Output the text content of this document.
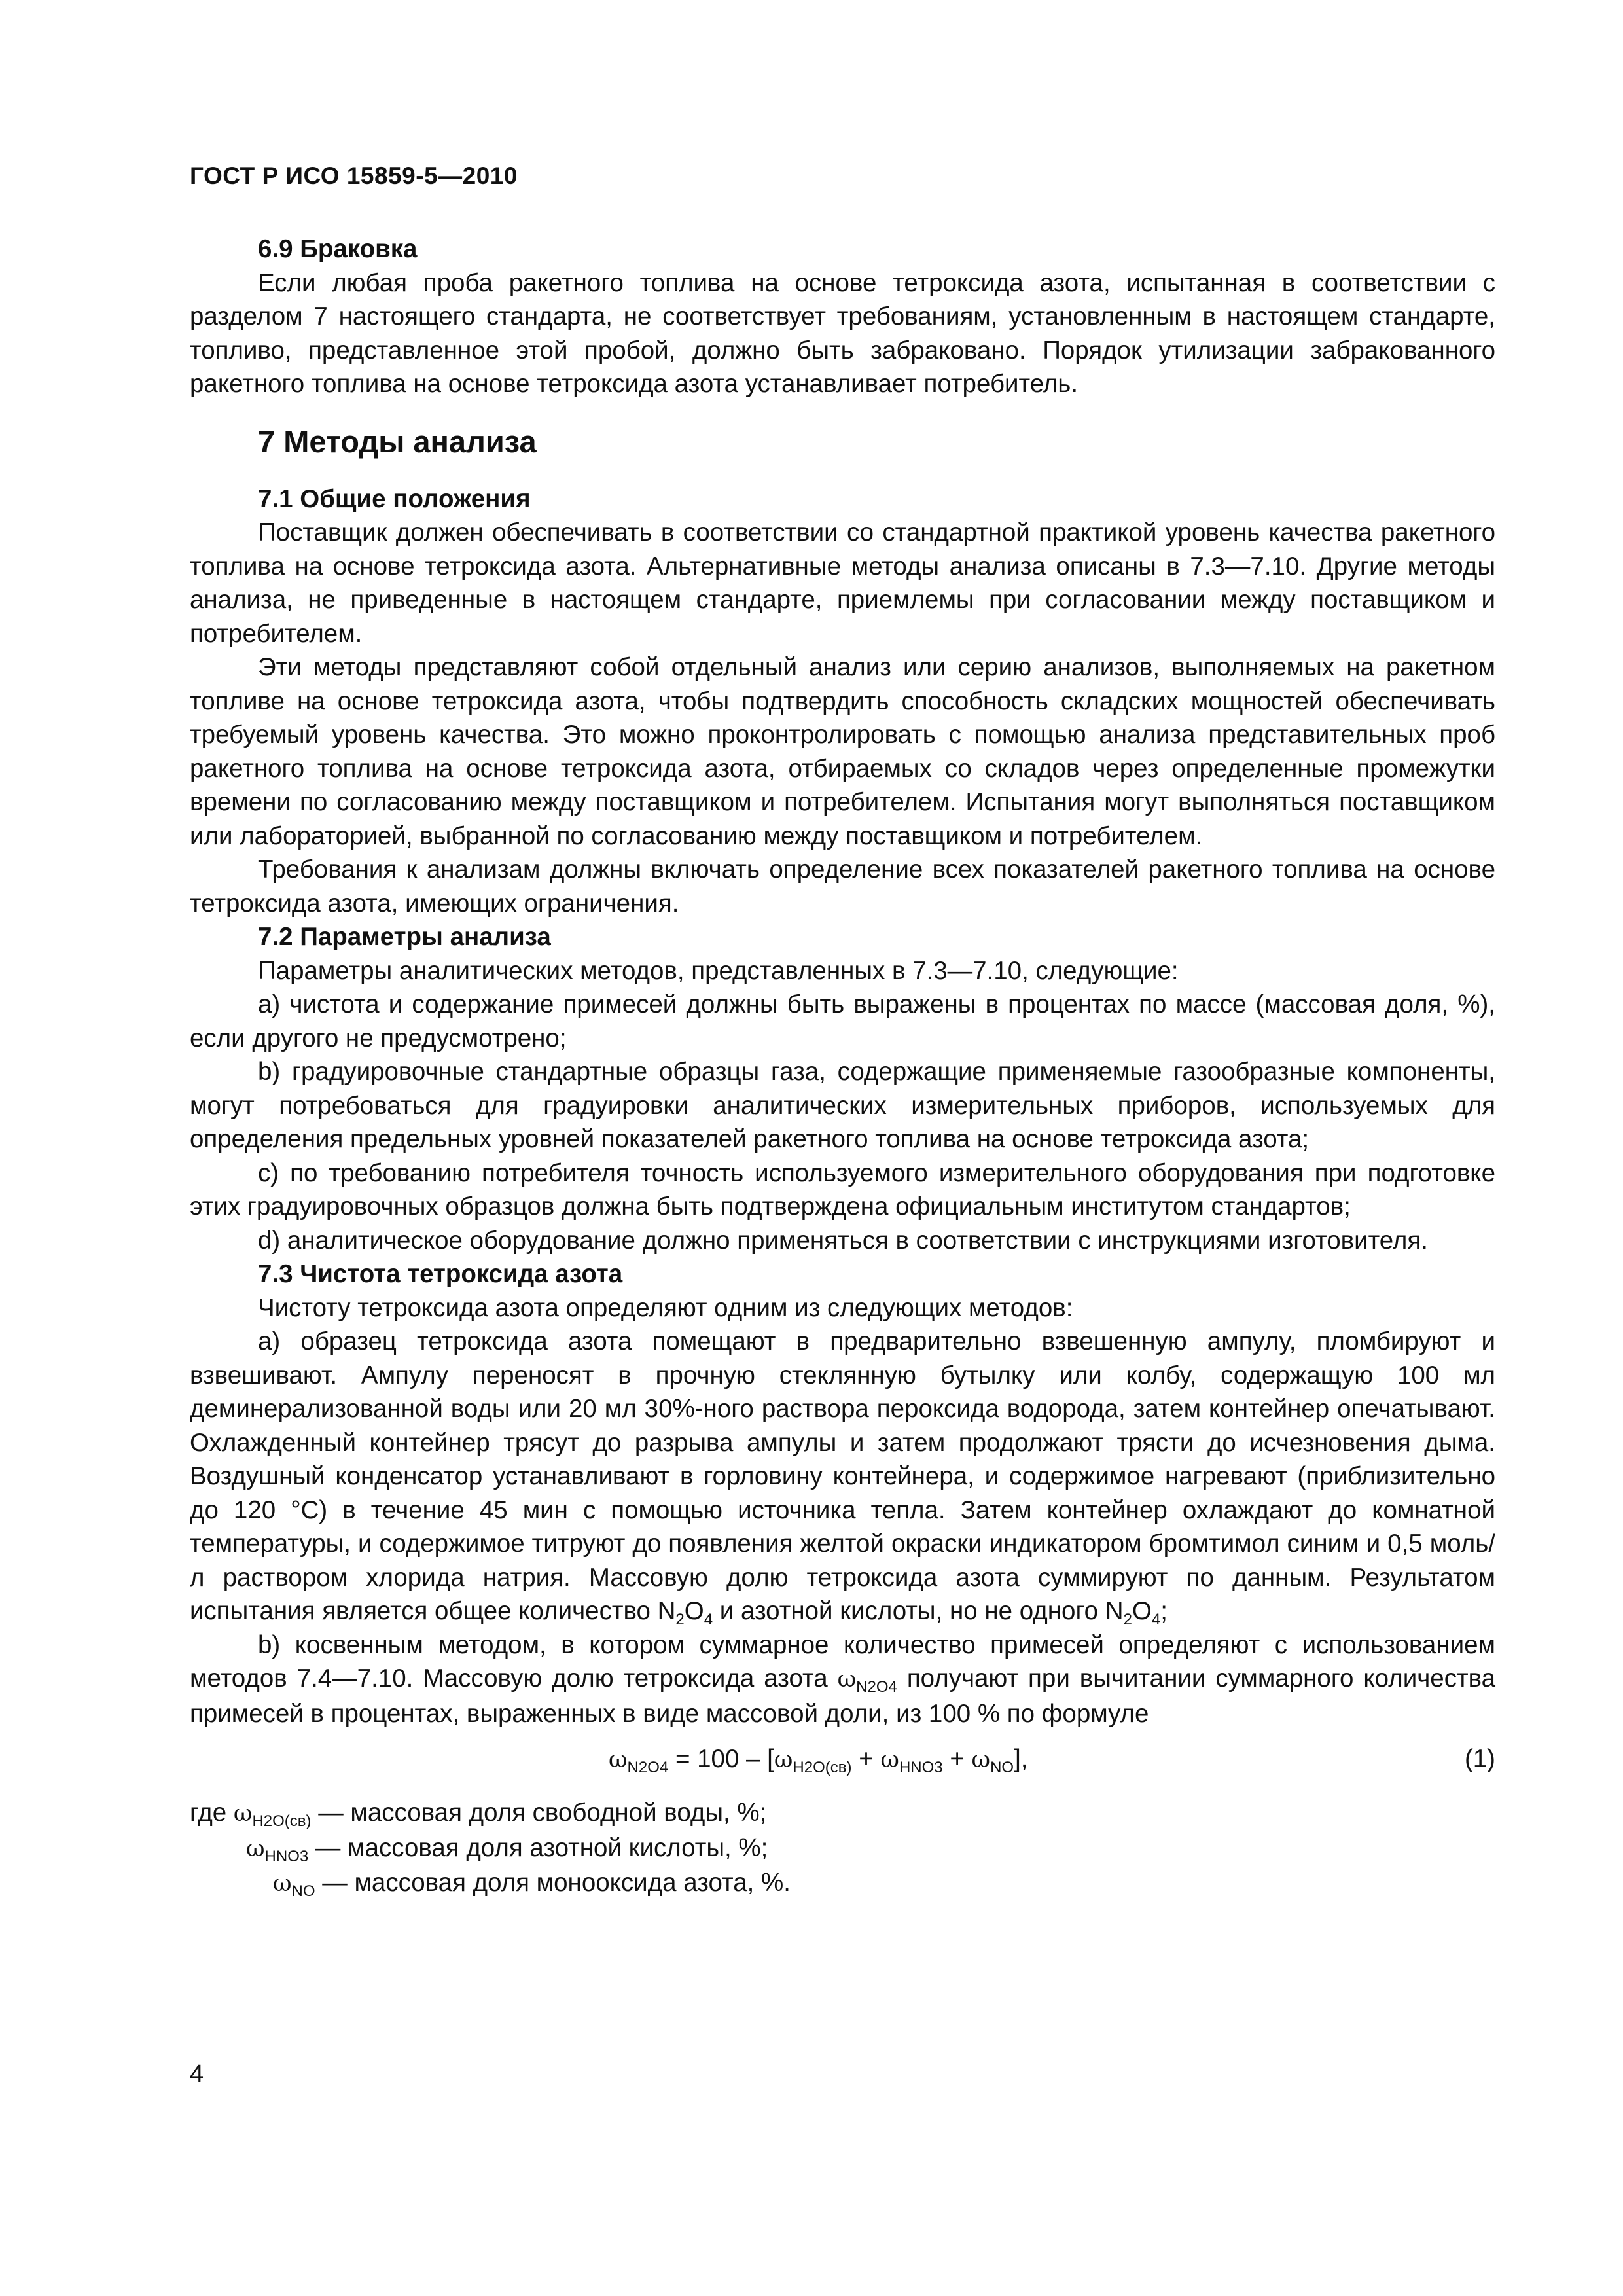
ГОСТ Р ИСО 15859-5—2010

6.9 Браковка

Если любая проба ракетного топлива на основе тетроксида азота, испытанная в соответствии с разделом 7 настоящего стандарта, не соответствует требованиям, установленным в настоящем стандарте, топливо, представленное этой пробой, должно быть забраковано. Порядок утилизации забракованного ракетного топлива на основе тетроксида азота устанавливает потребитель.

7 Методы анализа

7.1 Общие положения

Поставщик должен обеспечивать в соответствии со стандартной практикой уровень качества ракетного топлива на основе тетроксида азота. Альтернативные методы анализа описаны в 7.3—7.10. Другие методы анализа, не приведенные в настоящем стандарте, приемлемы при согласовании между поставщиком и потребителем.

Эти методы представляют собой отдельный анализ или серию анализов, выполняемых на ракетном топливе на основе тетроксида азота, чтобы подтвердить способность складских мощностей обеспечивать требуемый уровень качества. Это можно проконтролировать с помощью анализа представительных проб ракетного топлива на основе тетроксида азота, отбираемых со складов через определенные промежутки времени по согласованию между поставщиком и потребителем. Испытания могут выполняться поставщиком или лабораторией, выбранной по согласованию между поставщиком и потребителем.

Требования к анализам должны включать определение всех показателей ракетного топлива на основе тетроксида азота, имеющих ограничения.

7.2 Параметры анализа

Параметры аналитических методов, представленных в 7.3—7.10, следующие:

а) чистота и содержание примесей должны быть выражены в процентах по массе (массовая доля, %), если другого не предусмотрено;

b) градуировочные стандартные образцы газа, содержащие применяемые газообразные компоненты, могут потребоваться для градуировки аналитических измерительных приборов, используемых для определения предельных уровней показателей ракетного топлива на основе тетроксида азота;

c) по требованию потребителя точность используемого измерительного оборудования при подготовке этих градуировочных образцов должна быть подтверждена официальным институтом стандартов;

d) аналитическое оборудование должно применяться в соответствии с инструкциями изготовителя.

7.3 Чистота тетроксида азота

Чистоту тетроксида азота определяют одним из следующих методов:

а) образец тетроксида азота помещают в предварительно взвешенную ампулу, пломбируют и взвешивают. Ампулу переносят в прочную стеклянную бутылку или колбу, содержащую 100 мл деминерализованной воды или 20 мл 30%-ного раствора пероксида водорода, затем контейнер опечатывают. Охлажденный контейнер трясут до разрыва ампулы и затем продолжают трясти до исчезновения дыма. Воздушный конденсатор устанавливают в горловину контейнера, и содержимое нагревают (приблизительно до 120 °С) в течение 45 мин с помощью источника тепла. Затем контейнер охлаждают до комнатной температуры, и содержимое титруют до появления желтой окраски индикатором бромтимол синим и 0,5 моль/л раствором хлорида натрия. Массовую долю тетроксида азота суммируют по данным. Результатом испытания является общее количество $N_2O_4$ и азотной кислоты, но не одного $N_2O_4$;

b) косвенным методом, в котором суммарное количество примесей определяют с использованием методов 7.4—7.10. Массовую долю тетроксида азота $\omega_{N2O4}$ получают при вычитании суммарного количества примесей в процентах, выраженных в виде массовой доли, из 100 % по формуле

$\omega_{N2O4} = 100 - [\omega_{H2O(св)} + \omega_{HNO3} + \omega_{NO}]$,	(1)

где $\omega_{H2O(св)}$ — массовая доля свободной воды, %;

$\omega_{HNO3}$ — массовая доля азотной кислоты, %;

$\omega_{NO}$ — массовая доля монооксида азота, %.

4
